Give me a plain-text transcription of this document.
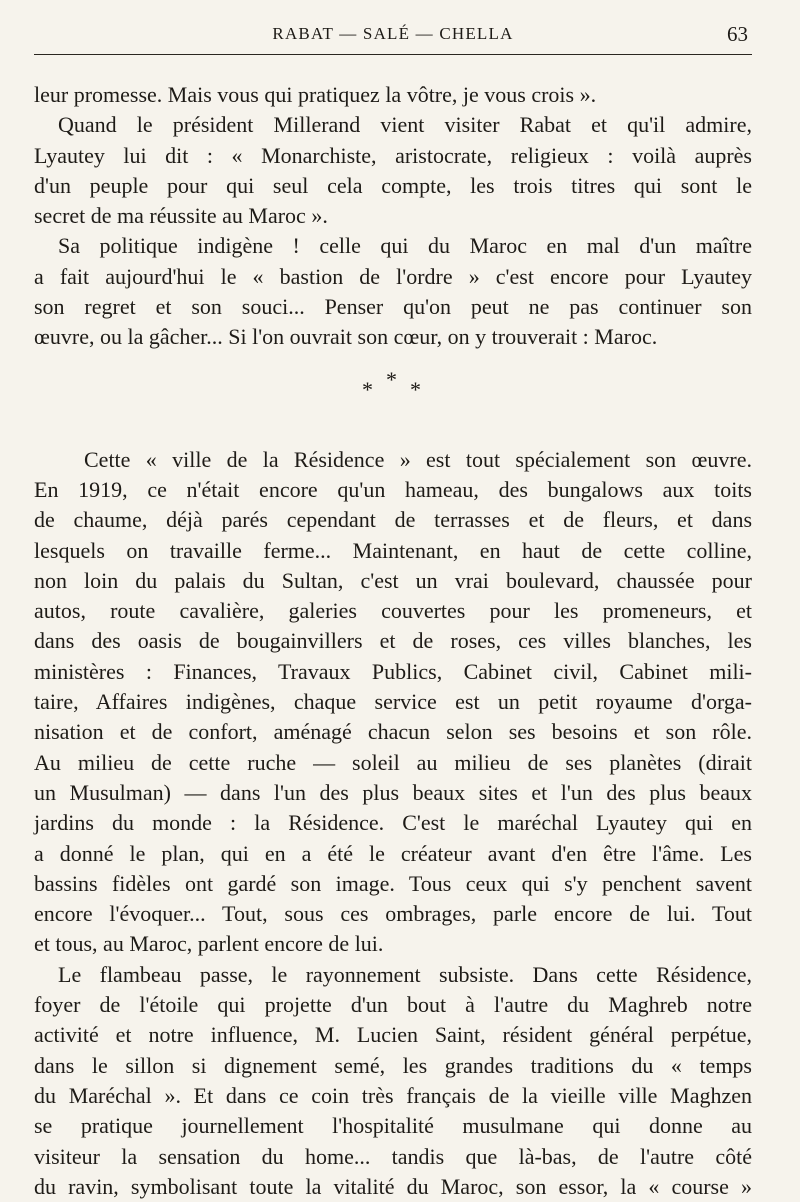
RABAT — SALÉ — CHELLA	63
leur promesse. Mais vous qui pratiquez la vôtre, je vous crois ».
Quand le président Millerand vient visiter Rabat et qu'il admire,
Lyautey lui dit : « Monarchiste, aristocrate, religieux : voilà auprès
d'un peuple pour qui seul cela compte, les trois titres qui sont le
secret de ma réussite au Maroc ».
Sa politique indigène ! celle qui du Maroc en mal d'un maître
a fait aujourd'hui le « bastion de l'ordre » c'est encore pour Lyautey
son regret et son souci... Penser qu'on peut ne pas continuer son
œuvre, ou la gâcher... Si l'on ouvrait son cœur, on y trouverait : Maroc.
*
* *
Cette « ville de la Résidence » est tout spécialement son œuvre.
En 1919, ce n'était encore qu'un hameau, des bungalows aux toits
de chaume, déjà parés cependant de terrasses et de fleurs, et dans
lesquels on travaille ferme... Maintenant, en haut de cette colline,
non loin du palais du Sultan, c'est un vrai boulevard, chaussée pour
autos, route cavalière, galeries couvertes pour les promeneurs, et
dans des oasis de bougainvillers et de roses, ces villes blanches, les
ministères : Finances, Travaux Publics, Cabinet civil, Cabinet mili-
taire, Affaires indigènes, chaque service est un petit royaume d'orga-
nisation et de confort, aménagé chacun selon ses besoins et son rôle.
Au milieu de cette ruche — soleil au milieu de ses planètes (dirait
un Musulman) — dans l'un des plus beaux sites et l'un des plus beaux
jardins du monde : la Résidence. C'est le maréchal Lyautey qui en
a donné le plan, qui en a été le créateur avant d'en être l'âme. Les
bassins fidèles ont gardé son image. Tous ceux qui s'y penchent savent
encore l'évoquer... Tout, sous ces ombrages, parle encore de lui. Tout
et tous, au Maroc, parlent encore de lui.
Le flambeau passe, le rayonnement subsiste. Dans cette Résidence,
foyer de l'étoile qui projette d'un bout à l'autre du Maghreb notre
activité et notre influence, M. Lucien Saint, résident général perpétue,
dans le sillon si dignement semé, les grandes traditions du « temps
du Maréchal ». Et dans ce coin très français de la vieille ville Maghzen
se pratique journellement l'hospitalité musulmane qui donne au
visiteur la sensation du home... tandis que là-bas, de l'autre côté
du ravin, symbolisant toute la vitalité du Maroc, son essor, la « course »
